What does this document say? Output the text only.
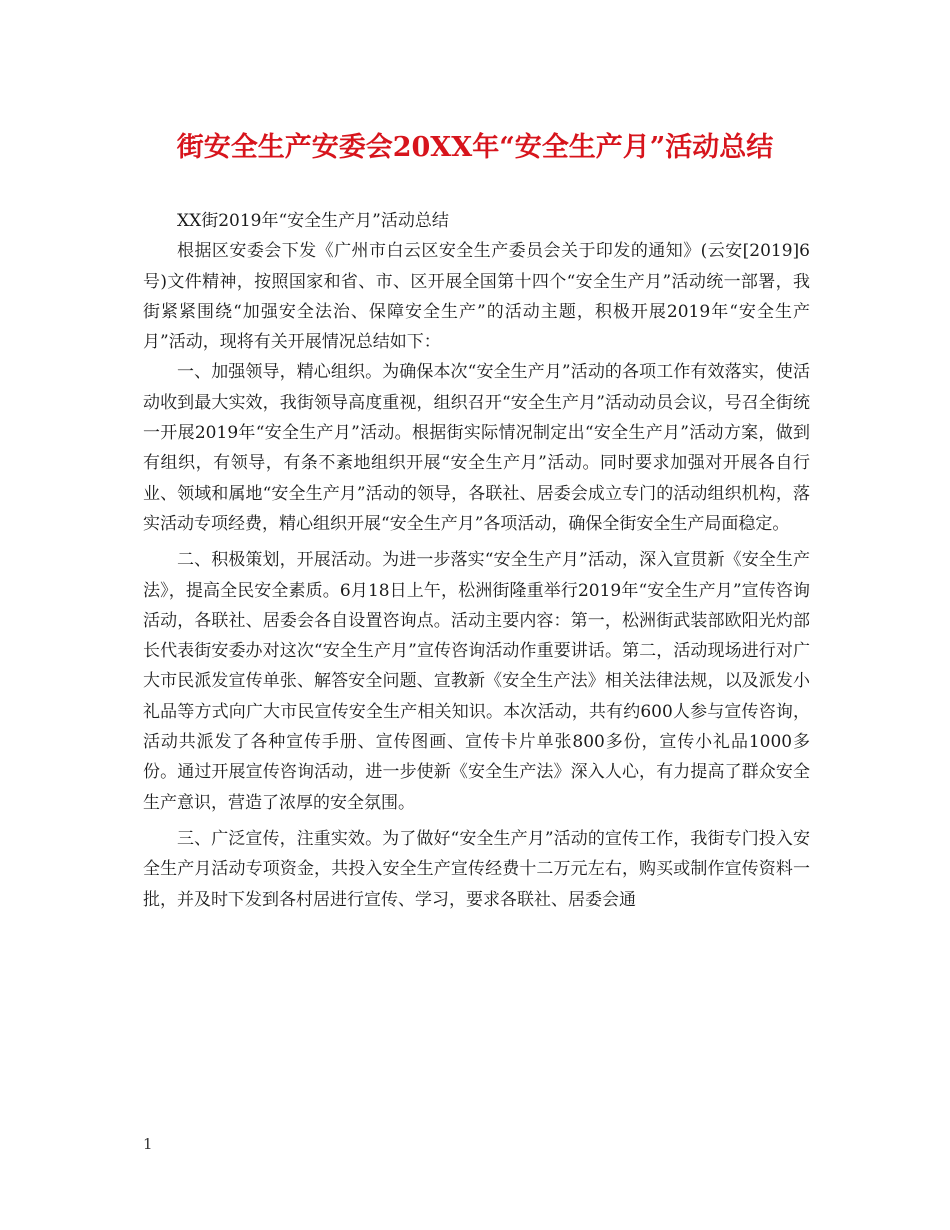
街安全生产安委会20XX年“安全生产月”活动总结

XX街2019年“安全生产月”活动总结

根据区安委会下发《广州市白云区安全生产委员会关于印发的通知》(云安[2019]6号)文件精神，按照国家和省、市、区开展全国第十四个“安全生产月”活动统一部署，我街紧紧围绕“加强安全法治、保障安全生产”的活动主题，积极开展2019年“安全生产月”活动，现将有关开展情况总结如下：

一、加强领导，精心组织。为确保本次“安全生产月”活动的各项工作有效落实，使活动收到最大实效，我街领导高度重视，组织召开“安全生产月”活动动员会议，号召全街统一开展2019年“安全生产月”活动。根据街实际情况制定出“安全生产月”活动方案，做到有组织，有领导，有条不紊地组织开展“安全生产月”活动。同时要求加强对开展各自行业、领域和属地“安全生产月”活动的领导，各联社、居委会成立专门的活动组织机构，落实活动专项经费，精心组织开展“安全生产月”各项活动，确保全街安全生产局面稳定。

二、积极策划，开展活动。为进一步落实“安全生产月”活动，深入宣贯新《安全生产法》，提高全民安全素质。6月18日上午，松洲街隆重举行2019年“安全生产月”宣传咨询活动，各联社、居委会各自设置咨询点。活动主要内容：第一，松洲街武装部欧阳光灼部长代表街安委办对这次“安全生产月”宣传咨询活动作重要讲话。第二，活动现场进行对广大市民派发宣传单张、解答安全问题、宣教新《安全生产法》相关法律法规，以及派发小礼品等方式向广大市民宣传安全生产相关知识。本次活动，共有约600人参与宣传咨询，活动共派发了各种宣传手册、宣传图画、宣传卡片单张800多份，宣传小礼品1000多份。通过开展宣传咨询活动，进一步使新《安全生产法》深入人心，有力提高了群众安全生产意识，营造了浓厚的安全氛围。

三、广泛宣传，注重实效。为了做好“安全生产月”活动的宣传工作，我街专门投入安全生产月活动专项资金，共投入安全生产宣传经费十二万元左右，购买或制作宣传资料一批，并及时下发到各村居进行宣传、学习，要求各联社、居委会通

1
